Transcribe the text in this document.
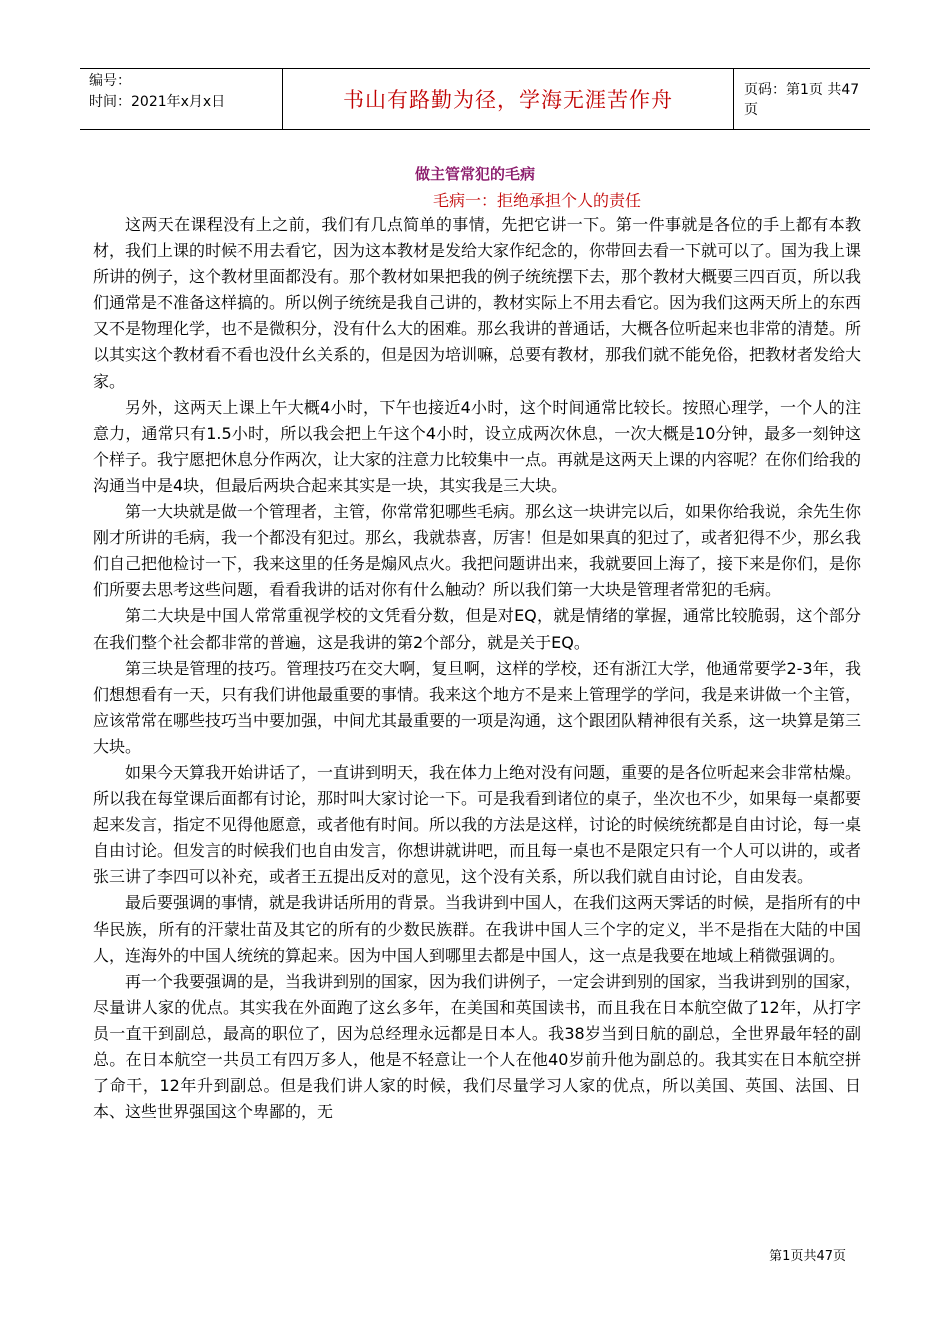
编号：
时间：2021年x月x日	书山有路勤为径，学海无涯苦作舟	页码：第1页 共47页
做主管常犯的毛病
毛病一：拒绝承担个人的责任

这两天在课程没有上之前，我们有几点简单的事情，先把它讲一下。第一件事就是各位的手上都有本教材，我们上课的时候不用去看它，因为这本教材是发给大家作纪念的，你带回去看一下就可以了。国为我上课所讲的例子，这个教材里面都没有。那个教材如果把我的例子统统摆下去，那个教材大概要三四百页，所以我们通常是不准备这样搞的。所以例子统统是我自己讲的，教材实际上不用去看它。因为我们这两天所上的东西又不是物理化学，也不是微积分，没有什么大的困难。那幺我讲的普通话，大概各位听起来也非常的清楚。所以其实这个教材看不看也没什幺关系的，但是因为培训嘛，总要有教材，那我们就不能免俗，把教材者发给大家。

另外，这两天上课上午大概4小时，下午也接近4小时，这个时间通常比较长。按照心理学，一个人的注意力，通常只有1.5小时，所以我会把上午这个4小时，设立成两次休息，一次大概是10分钟，最多一刻钟这个样子。我宁愿把休息分作两次，让大家的注意力比较集中一点。再就是这两天上课的内容呢？在你们给我的沟通当中是4块，但最后两块合起来其实是一块，其实我是三大块。

第一大块就是做一个管理者，主管，你常常犯哪些毛病。那幺这一块讲完以后，如果你给我说，余先生你刚才所讲的毛病，我一个都没有犯过。那幺，我就恭喜，厉害！但是如果真的犯过了，或者犯得不少，那幺我们自己把他检讨一下，我来这里的任务是煽风点火。我把问题讲出来，我就要回上海了，接下来是你们，是你们所要去思考这些问题，看看我讲的话对你有什么触动？所以我们第一大块是管理者常犯的毛病。

第二大块是中国人常常重视学校的文凭看分数，但是对EQ，就是情绪的掌握，通常比较脆弱，这个部分在我们整个社会都非常的普遍，这是我讲的第2个部分，就是关于EQ。

第三块是管理的技巧。管理技巧在交大啊，复旦啊，这样的学校，还有浙江大学，他通常要学2-3年，我们想想看有一天，只有我们讲他最重要的事情。我来这个地方不是来上管理学的学问，我是来讲做一个主管，应该常常在哪些技巧当中要加强，中间尤其最重要的一项是沟通，这个跟团队精神很有关系，这一块算是第三大块。

如果今天算我开始讲话了，一直讲到明天，我在体力上绝对没有问题，重要的是各位听起来会非常枯燥。所以我在每堂课后面都有讨论，那时叫大家讨论一下。可是我看到诸位的桌子，坐次也不少，如果每一桌都要起来发言，指定不见得他愿意，或者他有时间。所以我的方法是这样，讨论的时候统统都是自由讨论，每一桌自由讨论。但发言的时候我们也自由发言，你想讲就讲吧，而且每一桌也不是限定只有一个人可以讲的，或者张三讲了李四可以补充，或者王五提出反对的意见，这个没有关系，所以我们就自由讨论，自由发表。

最后要强调的事情，就是我讲话所用的背景。当我讲到中国人，在我们这两天霁话的时候，是指所有的中华民族，所有的汗蒙壮苗及其它的所有的少数民族群。在我讲中国人三个字的定义，半不是指在大陆的中国人，连海外的中国人统统的算起来。因为中国人到哪里去都是中国人，这一点是我要在地域上稍微强调的。

再一个我要强调的是，当我讲到别的国家，因为我们讲例子，一定会讲到别的国家，当我讲到别的国家，尽量讲人家的优点。其实我在外面跑了这幺多年，在美国和英国读书，而且我在日本航空做了12年，从打字员一直干到副总，最高的职位了，因为总经理永远都是日本人。我38岁当到日航的副总，全世界最年轻的副总。在日本航空一共员工有四万多人，他是不轻意让一个人在他40岁前升他为副总的。我其实在日本航空拼了命干，12年升到副总。但是我们讲人家的时候，我们尽量学习人家的优点，所以美国、英国、法国、日本、这些世界强国这个卑鄙的，无

第1页共47页
